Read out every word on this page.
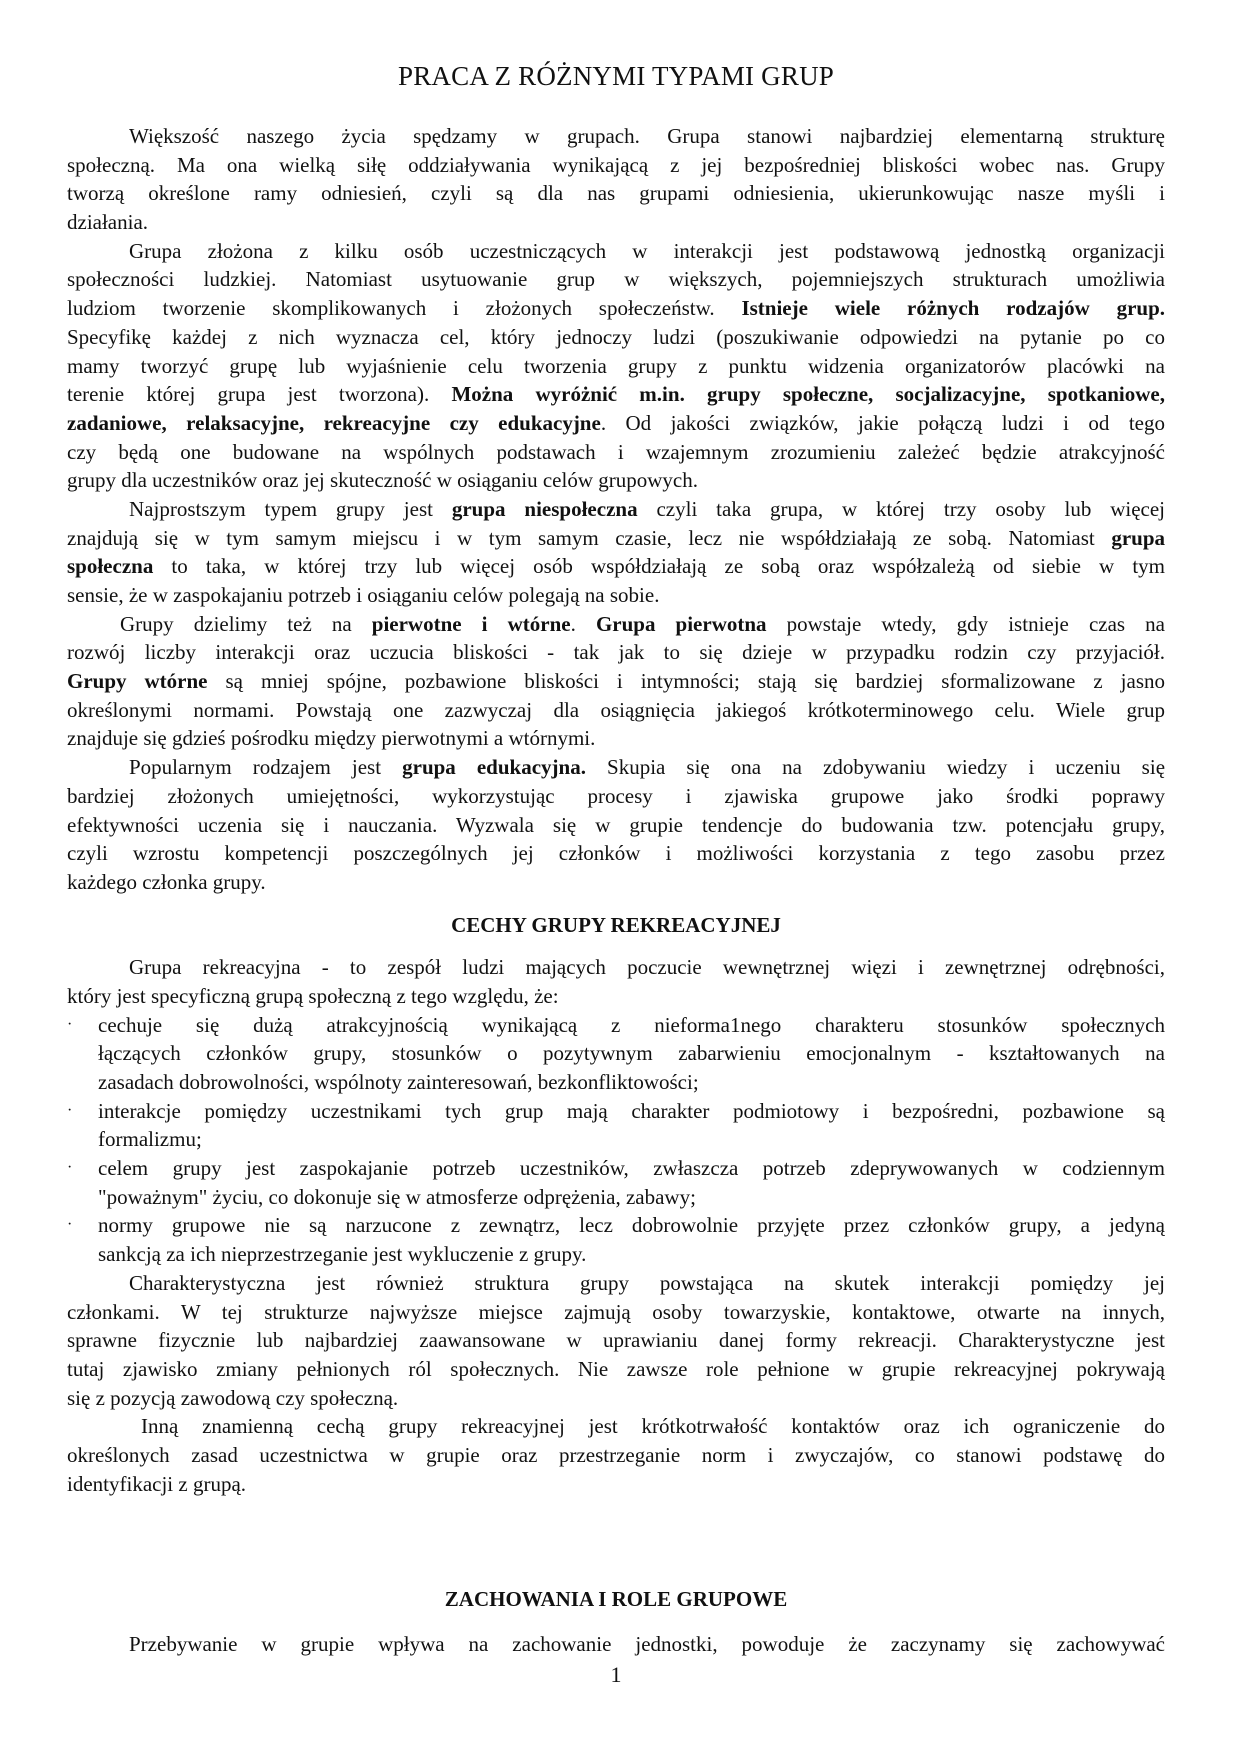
PRACA Z RÓŻNYMI TYPAMI GRUP
Większość naszego życia spędzamy w grupach. Grupa stanowi najbardziej elementarną strukturę
społeczną. Ma ona wielką siłę oddziaływania wynikającą z jej bezpośredniej bliskości wobec nas. Grupy
tworzą określone ramy odniesień, czyli są dla nas grupami odniesienia, ukierunkowując nasze myśli i
działania.
Grupa złożona z kilku osób uczestniczących w interakcji jest podstawową jednostką organizacji
społeczności ludzkiej. Natomiast usytuowanie grup w większych, pojemniejszych strukturach umożliwia
ludziom tworzenie skomplikowanych i złożonych społeczeństw. Istnieje wiele różnych rodzajów grup.
Specyfikę każdej z nich wyznacza cel, który jednoczy ludzi (poszukiwanie odpowiedzi na pytanie po co
mamy tworzyć grupę lub wyjaśnienie celu tworzenia grupy z punktu widzenia organizatorów placówki na
terenie której grupa jest tworzona). Można wyróżnić m.in. grupy społeczne, socjalizacyjne, spotkaniowe,
zadaniowe, relaksacyjne, rekreacyjne czy edukacyjne. Od jakości związków, jakie połączą ludzi i od tego
czy będą one budowane na wspólnych podstawach i wzajemnym zrozumieniu zależeć będzie atrakcyjność
grupy dla uczestników oraz jej skuteczność w osiąganiu celów grupowych.
Najprostszym typem grupy jest grupa niespołeczna czyli taka grupa, w której trzy osoby lub więcej
znajdują się w tym samym miejscu i w tym samym czasie, lecz nie współdziałają ze sobą. Natomiast grupa
społeczna to taka, w której trzy lub więcej osób współdziałają ze sobą oraz współzależą od siebie w tym
sensie, że w zaspokajaniu potrzeb i osiąganiu celów polegają na sobie.
Grupy dzielimy też na pierwotne i wtórne. Grupa pierwotna powstaje wtedy, gdy istnieje czas na
rozwój liczby interakcji oraz uczucia bliskości - tak jak to się dzieje w przypadku rodzin czy przyjaciół.
Grupy wtórne są mniej spójne, pozbawione bliskości i intymności; stają się bardziej sformalizowane z jasno
określonymi normami. Powstają one zazwyczaj dla osiągnięcia jakiegoś krótkoterminowego celu. Wiele grup
znajduje się gdzieś pośrodku między pierwotnymi a wtórnymi.
Popularnym rodzajem jest grupa edukacyjna. Skupia się ona na zdobywaniu wiedzy i uczeniu się
bardziej złożonych umiejętności, wykorzystując procesy i zjawiska grupowe jako środki poprawy
efektywności uczenia się i nauczania. Wyzwala się w grupie tendencje do budowania tzw. potencjału grupy,
czyli wzrostu kompetencji poszczególnych jej członków i możliwości korzystania z tego zasobu przez
każdego członka grupy.
CECHY GRUPY REKREACYJNEJ
Grupa rekreacyjna - to zespół ludzi mających poczucie wewnętrznej więzi i zewnętrznej odrębności,
który jest specyficzną grupą społeczną z tego względu, że:
· cechuje się dużą atrakcyjnością wynikającą z nieforma1nego charakteru stosunków społecznych
łączących członków grupy, stosunków o pozytywnym zabarwieniu emocjonalnym - kształtowanych na
zasadach dobrowolności, wspólnoty zainteresowań, bezkonfliktowości;
· interakcje pomiędzy uczestnikami tych grup mają charakter podmiotowy i bezpośredni, pozbawione są
formalizmu;
· celem grupy jest zaspokajanie potrzeb uczestników, zwłaszcza potrzeb zdeprywowanych w codziennym
"poważnym" życiu, co dokonuje się w atmosferze odprężenia, zabawy;
· normy grupowe nie są narzucone z zewnątrz, lecz dobrowolnie przyjęte przez członków grupy, a jedyną
sankcją za ich nieprzestrzeganie jest wykluczenie z grupy.
Charakterystyczna jest również struktura grupy powstająca na skutek interakcji pomiędzy jej
członkami. W tej strukturze najwyższe miejsce zajmują osoby towarzyskie, kontaktowe, otwarte na innych,
sprawne fizycznie lub najbardziej zaawansowane w uprawianiu danej formy rekreacji. Charakterystyczne jest
tutaj zjawisko zmiany pełnionych ról społecznych. Nie zawsze role pełnione w grupie rekreacyjnej pokrywają
się z pozycją zawodową czy społeczną.
Inną znamienną cechą grupy rekreacyjnej jest krótkotrwałość kontaktów oraz ich ograniczenie do
określonych zasad uczestnictwa w grupie oraz przestrzeganie norm i zwyczajów, co stanowi podstawę do
identyfikacji z grupą.
ZACHOWANIA I ROLE GRUPOWE
Przebywanie w grupie wpływa na zachowanie jednostki, powoduje że zaczynamy się zachowywać
1
